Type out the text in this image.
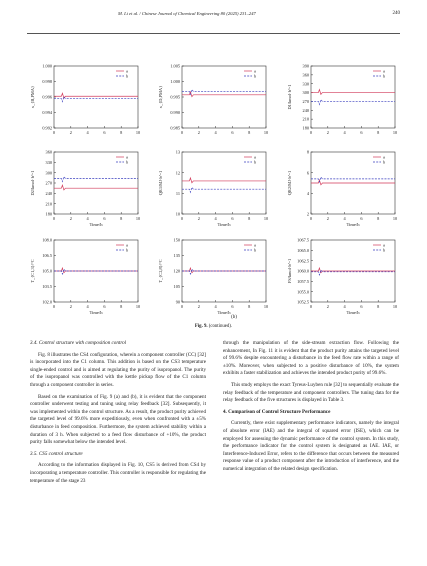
M. Li et al. / Chinese Journal of Chemical Engineering 80 (2025) 231–247	240
1.000
0.998
0.996
0.994
0.992
0	2	4	6	8	10
x_{B,PMA}
a
b
1.005
1.000
0.995
0.990
0.985
0	2	4	6	8	10
x_{D,PMA}
a
b
390
360
330
300
270
240
210
180
0	2	4	6	8	10
D1/kmol·h^-1
a
b
360
330
300
270
240
210
180
0	2	4	6	8	10
Time/h
D2/kmol·h^-1
a
b
13
12
11
10
0	2	4	6	8	10
Time/h
QR1/MJ·h^-1
a
b
8
6
4
2
0	2	4	6	8	10
Time/h
QR2/MJ·h^-1
a
b
108.0
106.5
105.0
103.5
102.0
0	2	4	6	8	10
Time/h
T_{C1,3}/°C
a
b
150
135
120
105
90
0	2	4	6	8	10
Time/h
T_{C2,8}/°C
a
b
1067.5
1065.0
1062.5
1060.0
1057.5
1055.0
1052.5
0	2	4	6	8	10
Time/h
FS/kmol·h^-1
a
b
(b)
Fig. 9. (continued).
3.4. Control structure with composition control

Fig. 8 illustrates the CS4 configuration, wherein a component controller (CC) [32] is incorporated into the C1 column. This addition is based on the CS3 temperature single-ended control and is aimed at regulating the purity of isopropanol. The purity of the isopropanol was controlled with the kettle pickup flow of the C1 column through a component controller in series.

Based on the examination of Fig. 9 (a) and (b), it is evident that the component controller underwent testing and tuning using relay feedback [32]. Subsequently, it was implemented within the control structure. As a result, the product purity achieved the targeted level of 99.6% more expeditiously, even when confronted with a ±5% disturbance in feed composition. Furthermore, the system achieved stability within a duration of 3 h. When subjected to a feed flow disturbance of +10%, the product purity falls somewhat below the intended level.

3.5. CS5 control structure

According to the information displayed in Fig. 10, CS5 is derived from CS4 by incorporating a temperature controller. This controller is responsible for regulating the temperature of the stage 23

through the manipulation of the side-stream extraction flow. Following the enhancement, In Fig. 11 it is evident that the product purity attains the targeted level of 99.6% despite encountering a disturbance in the feed flow rate within a range of ±10%. Moreover, when subjected to a positive disturbance of 10%, the system exhibits a faster stabilization and achieves the intended product purity of 99.6%.

This study employs the exact Tyreus-Luyben rule [32] to sequentially evaluate the relay feedback of the temperature and component controllers. The tuning data for the relay feedback of the five structures is displayed in Table 3.

4. Comparison of Control Structure Performance

Currently, there exist supplementary performance indicators, namely the integral of absolute error (IAE) and the integral of squared error (ISE), which can be employed for assessing the dynamic performance of the control system. In this study, the performance indicator for the control system is designated as IAE. IAE, or Interference-Induced Error, refers to the difference that occurs between the measured response value of a product component after the introduction of interference, and the numerical integration of the related design specification.
